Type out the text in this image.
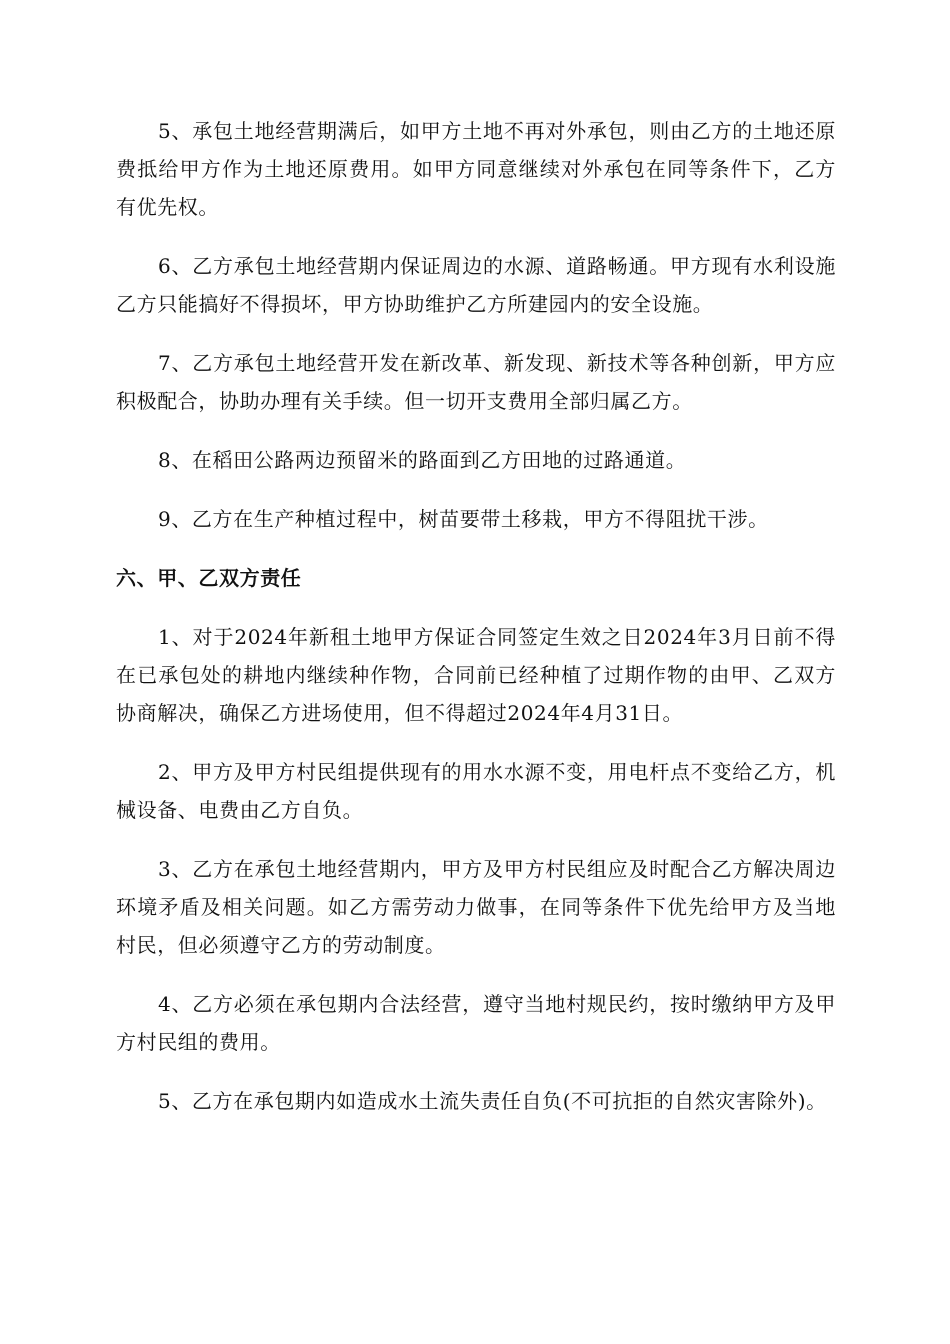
5、承包土地经营期满后，如甲方土地不再对外承包，则由乙方的土地还原费抵给甲方作为土地还原费用。如甲方同意继续对外承包在同等条件下，乙方有优先权。

6、乙方承包土地经营期内保证周边的水源、道路畅通。甲方现有水利设施乙方只能搞好不得损坏，甲方协助维护乙方所建园内的安全设施。

7、乙方承包土地经营开发在新改革、新发现、新技术等各种创新，甲方应积极配合，协助办理有关手续。但一切开支费用全部归属乙方。

8、在稻田公路两边预留米的路面到乙方田地的过路通道。

9、乙方在生产种植过程中，树苗要带土移栽，甲方不得阻扰干涉。

六、甲、乙双方责任

1、对于2024年新租土地甲方保证合同签定生效之日2024年3月日前不得在已承包处的耕地内继续种作物，合同前已经种植了过期作物的由甲、乙双方协商解决，确保乙方进场使用，但不得超过2024年4月31日。

2、甲方及甲方村民组提供现有的用水水源不变，用电杆点不变给乙方，机械设备、电费由乙方自负。

3、乙方在承包土地经营期内，甲方及甲方村民组应及时配合乙方解决周边环境矛盾及相关问题。如乙方需劳动力做事，在同等条件下优先给甲方及当地村民，但必须遵守乙方的劳动制度。

4、乙方必须在承包期内合法经营，遵守当地村规民约，按时缴纳甲方及甲方村民组的费用。

5、乙方在承包期内如造成水土流失责任自负(不可抗拒的自然灾害除外)。
